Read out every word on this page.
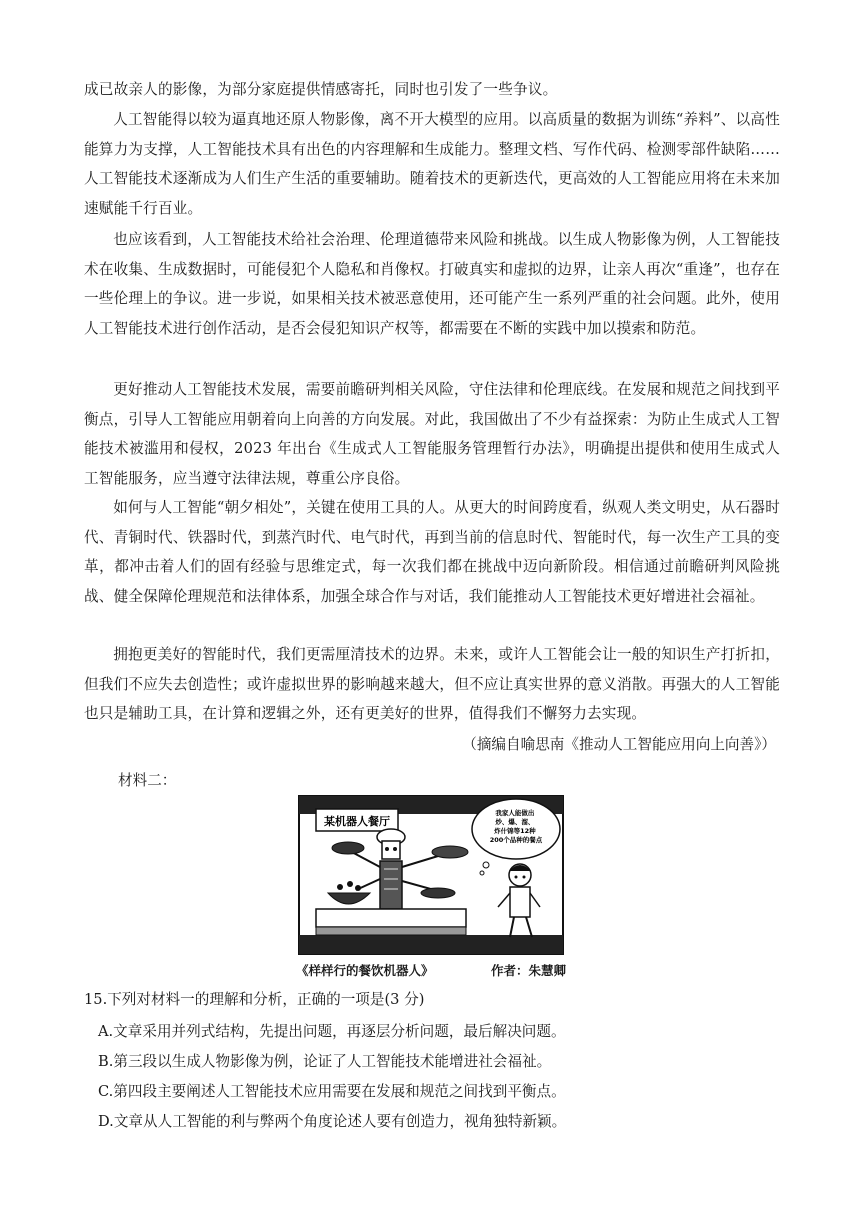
成已故亲人的影像，为部分家庭提供情感寄托，同时也引发了一些争议。

人工智能得以较为逼真地还原人物影像，离不开大模型的应用。以高质量的数据为训练“养料”、以高性能算力为支撑，人工智能技术具有出色的内容理解和生成能力。整理文档、写作代码、检测零部件缺陷……人工智能技术逐渐成为人们生产生活的重要辅助。随着技术的更新迭代，更高效的人工智能应用将在未来加速赋能千行百业。

也应该看到，人工智能技术给社会治理、伦理道德带来风险和挑战。以生成人物影像为例，人工智能技术在收集、生成数据时，可能侵犯个人隐私和肖像权。打破真实和虚拟的边界，让亲人再次“重逢”，也存在一些伦理上的争议。进一步说，如果相关技术被恶意使用，还可能产生一系列严重的社会问题。此外，使用人工智能技术进行创作活动，是否会侵犯知识产权等，都需要在不断的实践中加以摸索和防范。

更好推动人工智能技术发展，需要前瞻研判相关风险，守住法律和伦理底线。在发展和规范之间找到平衡点，引导人工智能应用朝着向上向善的方向发展。对此，我国做出了不少有益探索：为防止生成式人工智能技术被滥用和侵权，2023 年出台《生成式人工智能服务管理暂行办法》，明确提出提供和使用生成式人工智能服务，应当遵守法律法规，尊重公序良俗。

如何与人工智能“朝夕相处”，关键在使用工具的人。从更大的时间跨度看，纵观人类文明史，从石器时代、青铜时代、铁器时代，到蒸汽时代、电气时代，再到当前的信息时代、智能时代，每一次生产工具的变革，都冲击着人们的固有经验与思维定式，每一次我们都在挑战中迈向新阶段。相信通过前瞻研判风险挑战、健全保障伦理规范和法律体系，加强全球合作与对话，我们能推动人工智能技术更好增进社会福祉。

拥抱更美好的智能时代，我们更需厘清技术的边界。未来，或许人工智能会让一般的知识生产打折扣，但我们不应失去创造性；或许虚拟世界的影响越来越大，但不应让真实世界的意义消散。再强大的人工智能也只是辅助工具，在计算和逻辑之外，还有更美好的世界，值得我们不懈努力去实现。

（摘编自喻思南《推动人工智能应用向上向善》）

材料二：

某机器人餐厅
我家人能做出 炒、爆、溜、 炸什锦等12种 200个品种的餐点
《样样行的餐饮机器人》	作者：朱慧卿

15.下列对材料一的理解和分析，正确的一项是(3 分)

A.文章采用并列式结构，先提出问题，再逐层分析问题，最后解决问题。

B.第三段以生成人物影像为例，论证了人工智能技术能增进社会福祉。

C.第四段主要阐述人工智能技术应用需要在发展和规范之间找到平衡点。

D.文章从人工智能的利与弊两个角度论述人要有创造力，视角独特新颖。
